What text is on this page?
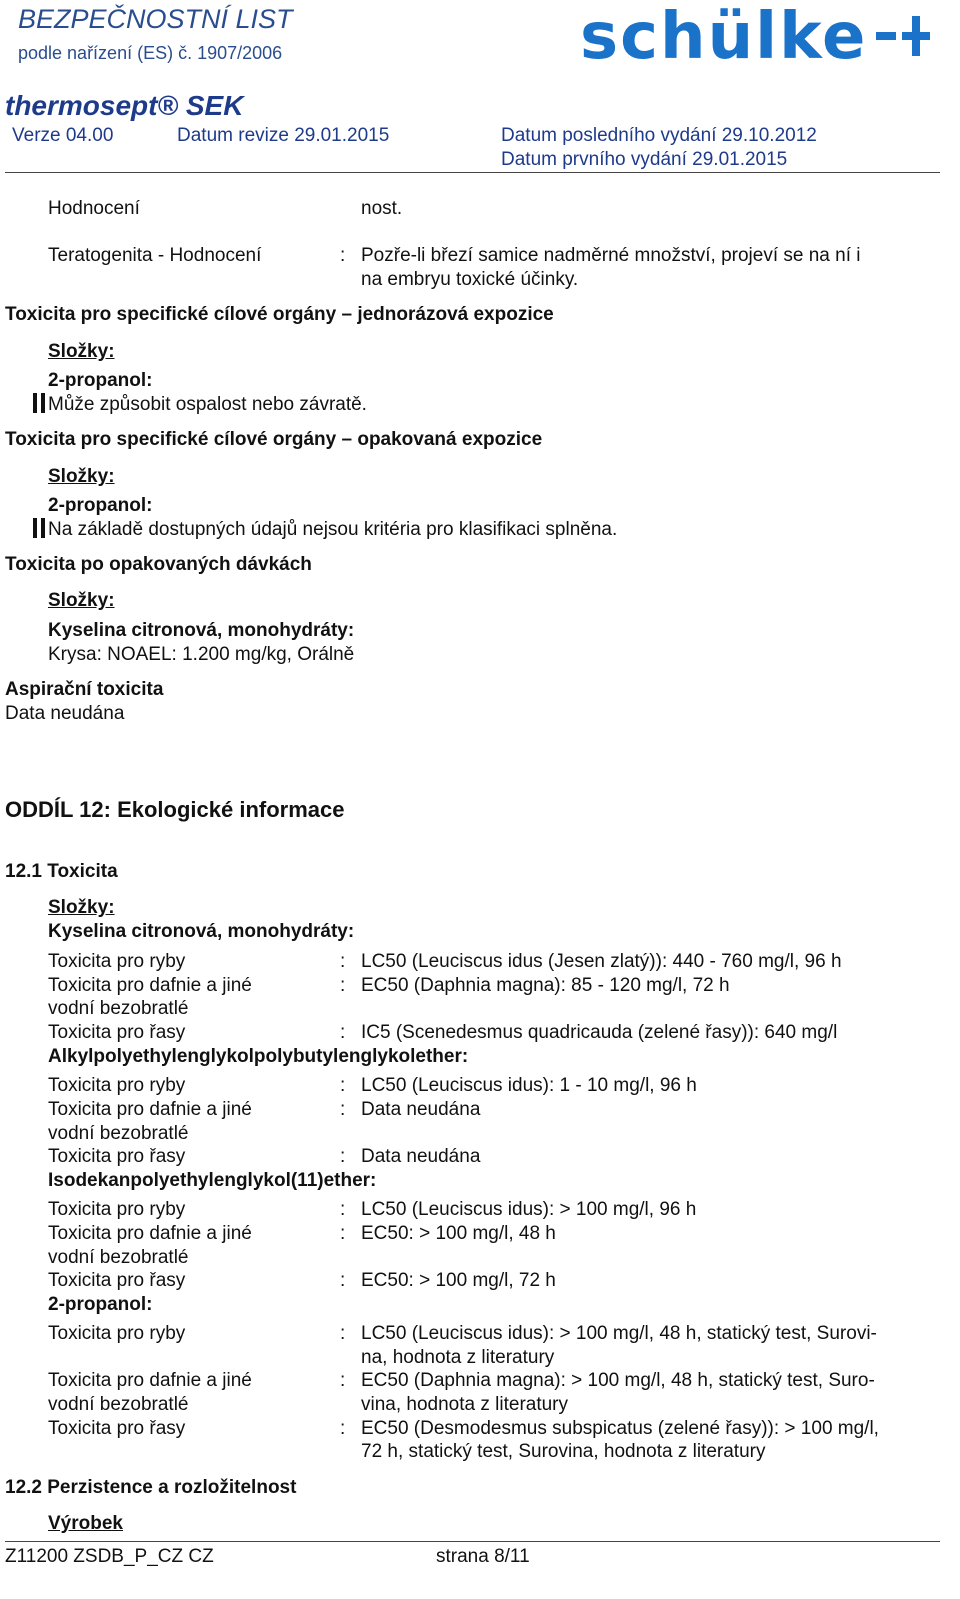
BEZPEČNOSTNÍ LIST
podle nařízení (ES) č. 1907/2006	schülke
thermosept® SEK
Verze 04.00	Datum revize 29.01.2015	Datum posledního vydání 29.10.2012
Datum prvního vydání 29.01.2015
Hodnocení	nost.
Teratogenita - Hodnocení	: Pozře-li březí samice nadměrné množství, projeví se na ní i
na embryu toxické účinky.
Toxicita pro specifické cílové orgány – jednorázová expozice
Složky:
2-propanol:
Může způsobit ospalost nebo závratě.
Toxicita pro specifické cílové orgány – opakovaná expozice
Složky:
2-propanol:
Na základě dostupných údajů nejsou kritéria pro klasifikaci splněna.
Toxicita po opakovaných dávkách
Složky:
Kyselina citronová, monohydráty:
Krysa: NOAEL: 1.200 mg/kg, Orálně
Aspirační toxicita
Data neudána
ODDÍL 12: Ekologické informace
12.1 Toxicita
Složky:
Kyselina citronová, monohydráty:
Toxicita pro ryby	: LC50 (Leuciscus idus (Jesen zlatý)): 440 - 760 mg/l, 96 h
Toxicita pro dafnie a jiné
vodní bezobratlé
: EC50 (Daphnia magna): 85 - 120 mg/l, 72 h
Toxicita pro řasy	: IC5 (Scenedesmus quadricauda (zelené řasy)): 640 mg/l
Alkylpolyethylenglykolpolybutylenglykolether:
Toxicita pro ryby	: LC50 (Leuciscus idus): 1 - 10 mg/l, 96 h
Toxicita pro dafnie a jiné
vodní bezobratlé
: Data neudána
Toxicita pro řasy	: Data neudána
Isodekanpolyethylenglykol(11)ether:
Toxicita pro ryby	: LC50 (Leuciscus idus): > 100 mg/l, 96 h
Toxicita pro dafnie a jiné
vodní bezobratlé
: EC50: > 100 mg/l, 48 h
Toxicita pro řasy	: EC50: > 100 mg/l, 72 h
2-propanol:
Toxicita pro ryby	: LC50 (Leuciscus idus): > 100 mg/l, 48 h, statický test, Surovi-
na, hodnota z literatury
Toxicita pro dafnie a jiné
vodní bezobratlé
: EC50 (Daphnia magna): > 100 mg/l, 48 h, statický test, Suro-
vina, hodnota z literatury
Toxicita pro řasy	: EC50 (Desmodesmus subspicatus (zelené řasy)): > 100 mg/l,
72 h, statický test, Surovina, hodnota z literatury
12.2 Perzistence a rozložitelnost
Výrobek
Z11200 ZSDB_P_CZ CZ	strana 8/11
